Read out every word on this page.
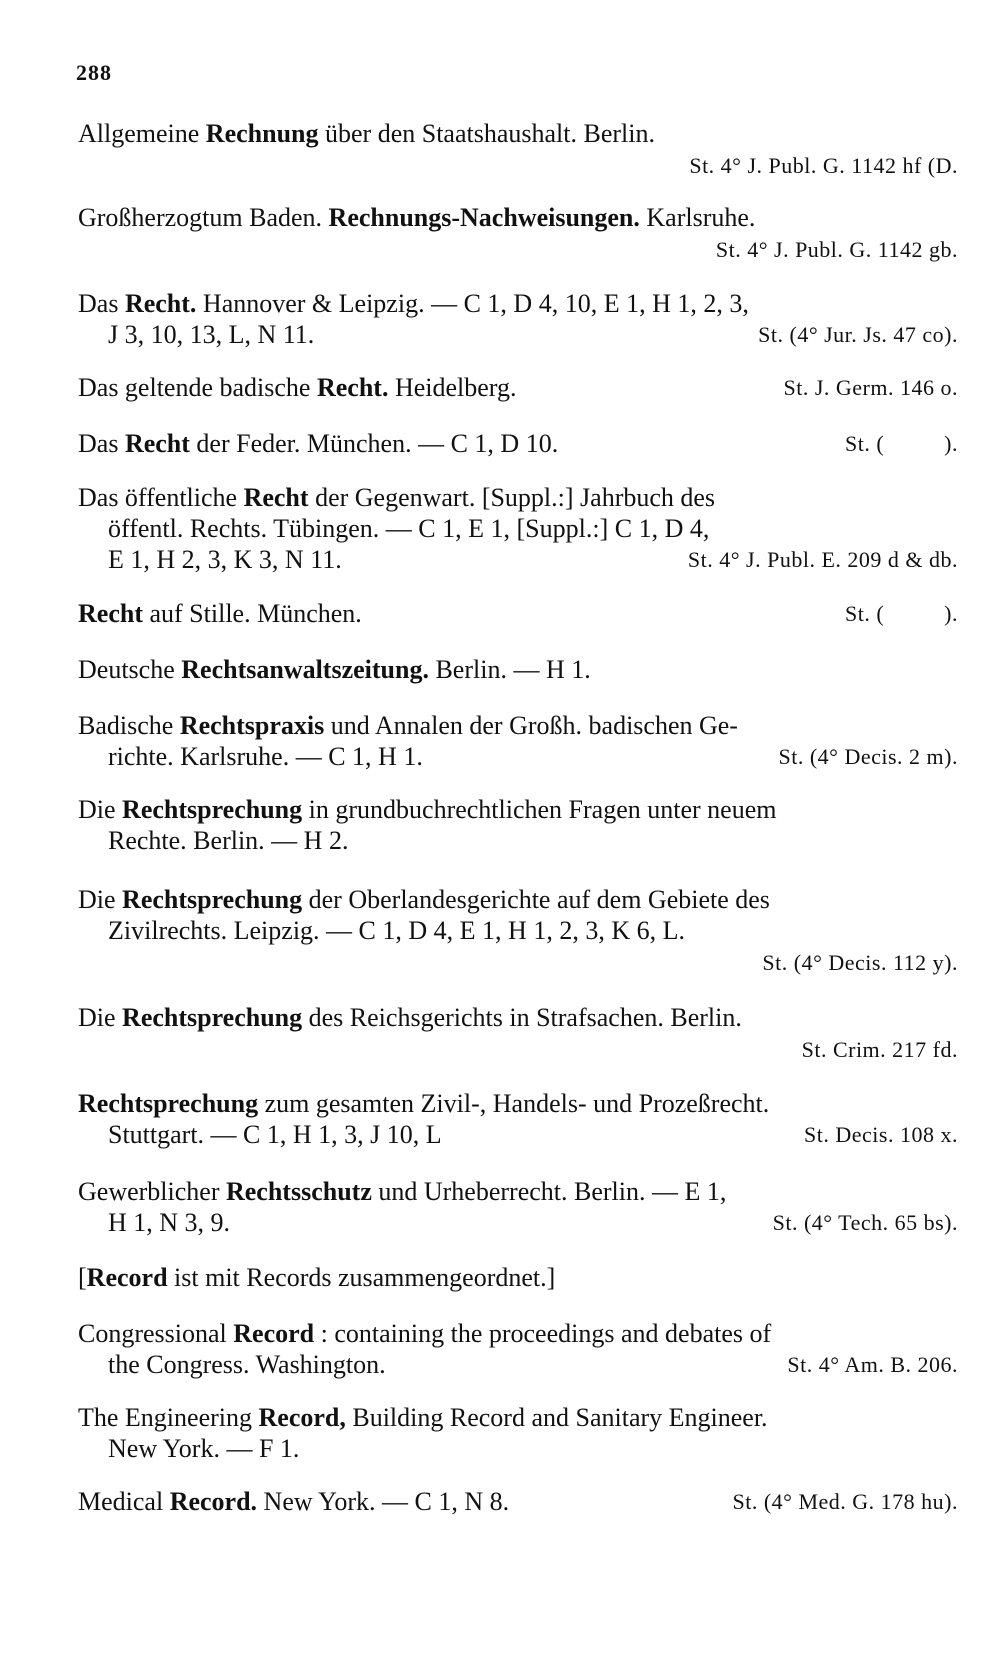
288
Allgemeine Rechnung über den Staatshaushalt. Berlin.
St. 4° J. Publ. G. 1142 hf (D.
Großherzogtum Baden. Rechnungs-Nachweisungen. Karlsruhe.
St. 4° J. Publ. G. 1142 gb.
Das Recht. Hannover & Leipzig. — C 1, D 4, 10, E 1, H 1, 2, 3,
J 3, 10, 13, L, N 11.	St. (4° Jur. Js. 47 co).
Das geltende badische Recht. Heidelberg.	St. J. Germ. 146 o.
Das Recht der Feder. München. — C 1, D 10.	St. (          ).
Das öffentliche Recht der Gegenwart. [Suppl.:] Jahrbuch des
öffentl. Rechts. Tübingen. — C 1, E 1, [Suppl.:] C 1, D 4,
E 1, H 2, 3, K 3, N 11.	St. 4° J. Publ. E. 209 d & db.
Recht auf Stille. München.	St. (          ).
Deutsche Rechtsanwaltszeitung. Berlin. — H 1.
Badische Rechtspraxis und Annalen der Großh. badischen Ge-
richte. Karlsruhe. — C 1, H 1.	St. (4° Decis. 2 m).
Die Rechtsprechung in grundbuchrechtlichen Fragen unter neuem
Rechte. Berlin. — H 2.
Die Rechtsprechung der Oberlandesgerichte auf dem Gebiete des
Zivilrechts. Leipzig. — C 1, D 4, E 1, H 1, 2, 3, K 6, L.
St. (4° Decis. 112 y).
Die Rechtsprechung des Reichsgerichts in Strafsachen. Berlin.
St. Crim. 217 fd.
Rechtsprechung zum gesamten Zivil-, Handels- und Prozeßrecht.
Stuttgart. — C 1, H 1, 3, J 10, L	St. Decis. 108 x.
Gewerblicher Rechtsschutz und Urheberrecht. Berlin. — E 1,
H 1, N 3, 9.	St. (4° Tech. 65 bs).
[Record ist mit Records zusammengeordnet.]
Congressional Record : containing the proceedings and debates of
the Congress. Washington.	St. 4° Am. B. 206.
The Engineering Record, Building Record and Sanitary Engineer.
New York. — F 1.
Medical Record. New York. — C 1, N 8.	St. (4° Med. G. 178 hu).
